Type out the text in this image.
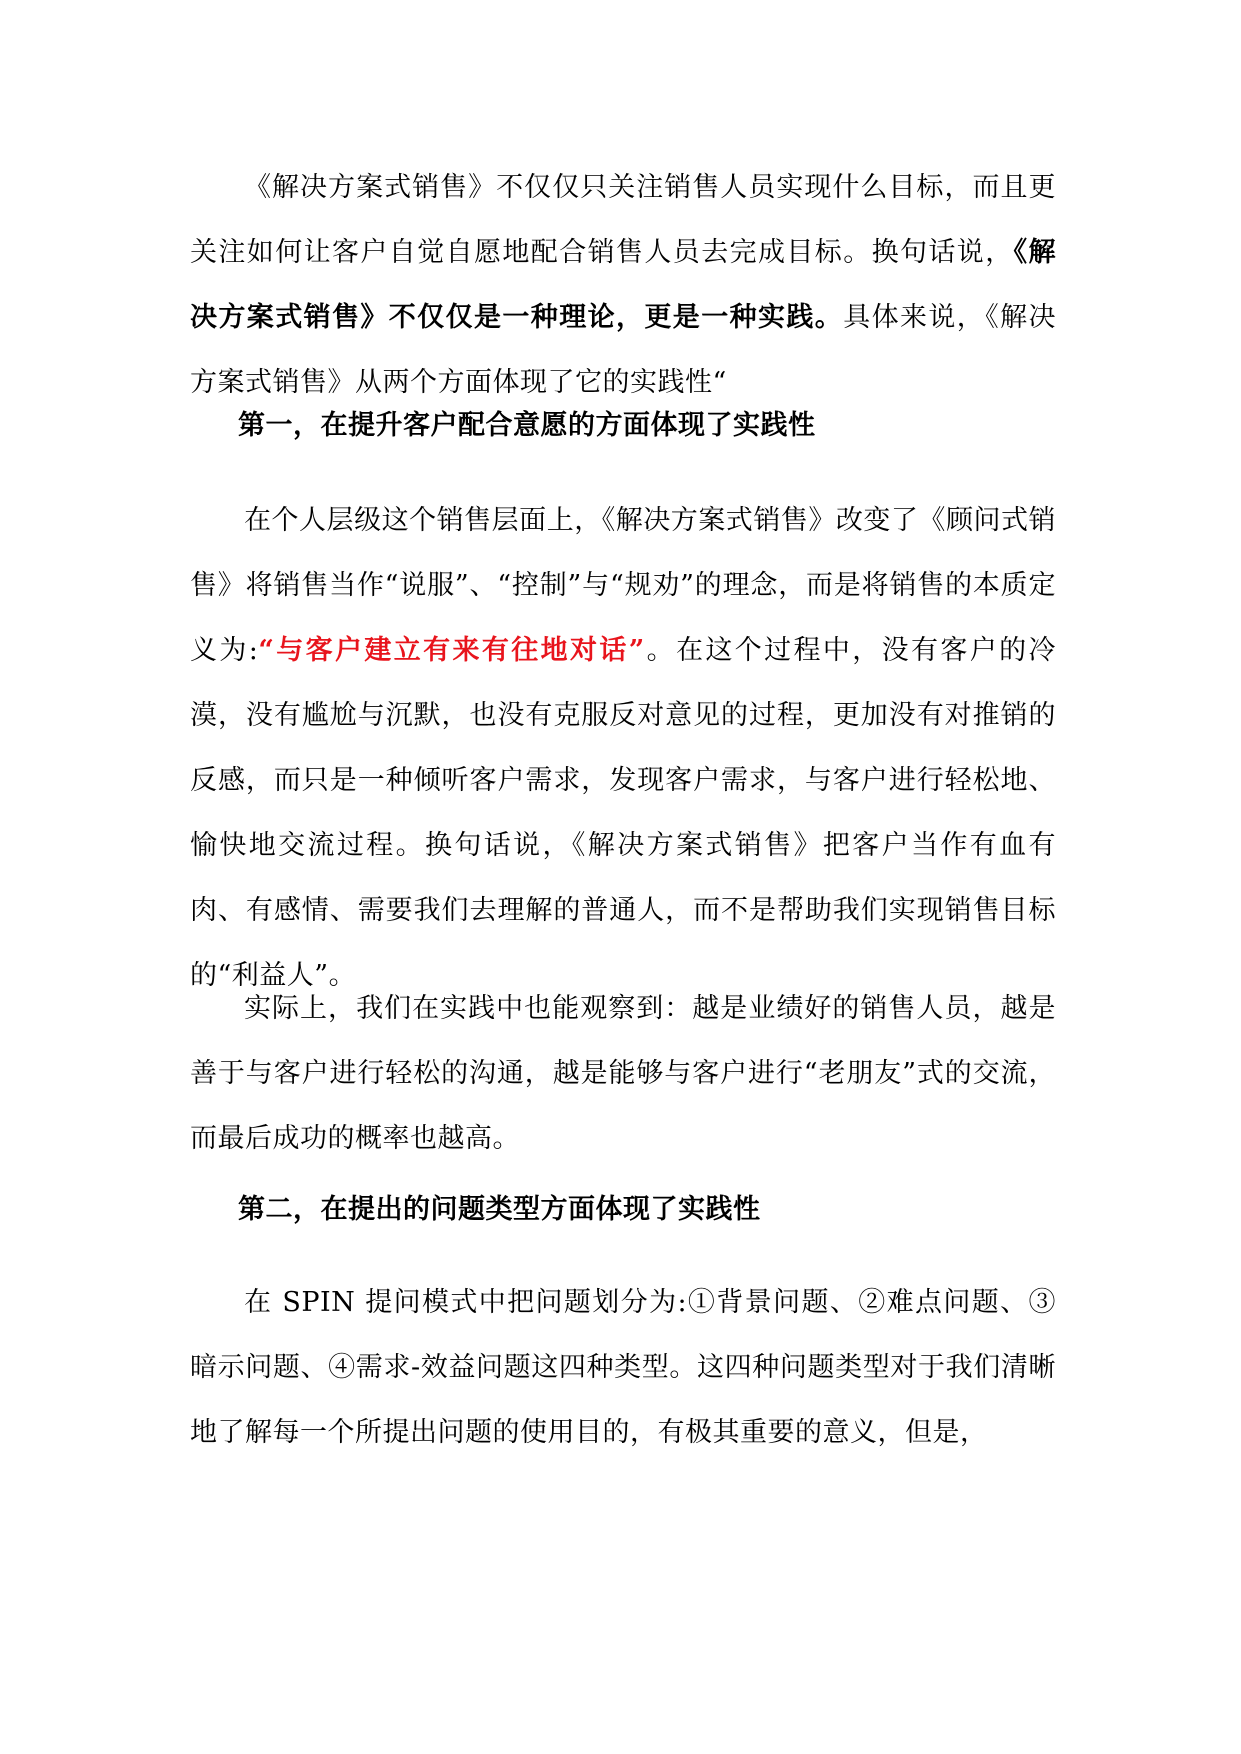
《解决方案式销售》不仅仅只关注销售人员实现什么目标，而且更关注如何让客户自觉自愿地配合销售人员去完成目标。换句话说，《解决方案式销售》不仅仅是一种理论，更是一种实践。具体来说，《解决方案式销售》从两个方面体现了它的实践性“

第一，在提升客户配合意愿的方面体现了实践性

在个人层级这个销售层面上，《解决方案式销售》改变了《顾问式销售》将销售当作“说服”、“控制”与“规劝”的理念，而是将销售的本质定义为:“与客户建立有来有往地对话”。在这个过程中，没有客户的冷漠，没有尴尬与沉默，也没有克服反对意见的过程，更加没有对推销的反感，而只是一种倾听客户需求，发现客户需求，与客户进行轻松地、愉快地交流过程。换句话说，《解决方案式销售》把客户当作有血有肉、有感情、需要我们去理解的普通人，而不是帮助我们实现销售目标的“利益人”。

实际上，我们在实践中也能观察到：越是业绩好的销售人员，越是善于与客户进行轻松的沟通，越是能够与客户进行“老朋友”式的交流，而最后成功的概率也越高。

第二，在提出的问题类型方面体现了实践性

在 SPIN 提问模式中把问题划分为:①背景问题、②难点问题、③暗示问题、④需求-效益问题这四种类型。这四种问题类型对于我们清晰地了解每一个所提出问题的使用目的，有极其重要的意义，但是，
